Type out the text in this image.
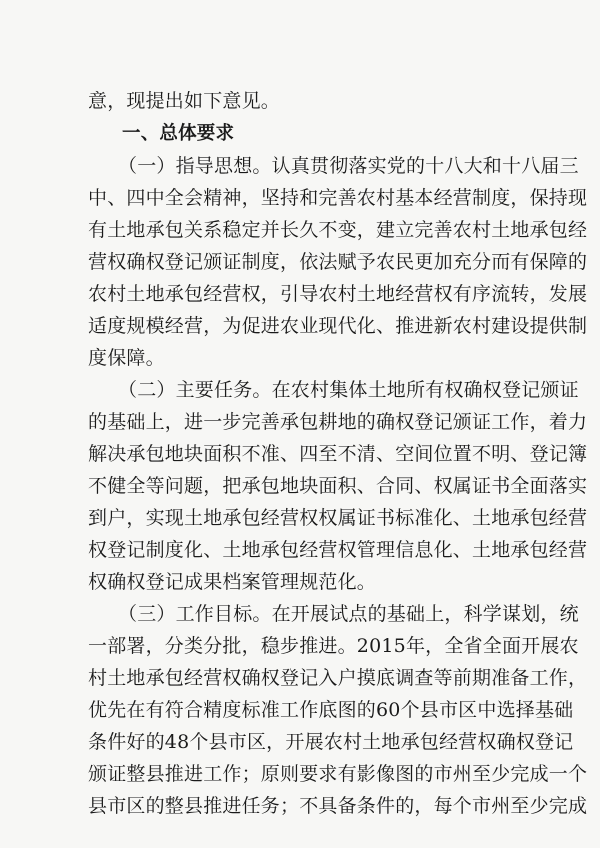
意，现提出如下意见。
一、总体要求
（一）指导思想。认真贯彻落实党的十八大和十八届三
中、四中全会精神，坚持和完善农村基本经营制度，保持现
有土地承包关系稳定并长久不变，建立完善农村土地承包经
营权确权登记颁证制度，依法赋予农民更加充分而有保障的
农村土地承包经营权，引导农村土地经营权有序流转，发展
适度规模经营，为促进农业现代化、推进新农村建设提供制
度保障。
（二）主要任务。在农村集体土地所有权确权登记颁证
的基础上，进一步完善承包耕地的确权登记颁证工作，着力
解决承包地块面积不准、四至不清、空间位置不明、登记簿
不健全等问题，把承包地块面积、合同、权属证书全面落实
到户，实现土地承包经营权权属证书标准化、土地承包经营
权登记制度化、土地承包经营权管理信息化、土地承包经营
权确权登记成果档案管理规范化。
（三）工作目标。在开展试点的基础上，科学谋划，统
一部署，分类分批，稳步推进。2015年，全省全面开展农
村土地承包经营权确权登记入户摸底调查等前期准备工作，
优先在有符合精度标准工作底图的60个县市区中选择基础
条件好的48个县市区，开展农村土地承包经营权确权登记
颁证整县推进工作；原则要求有影像图的市州至少完成一个
县市区的整县推进任务；不具备条件的，每个市州至少完成
